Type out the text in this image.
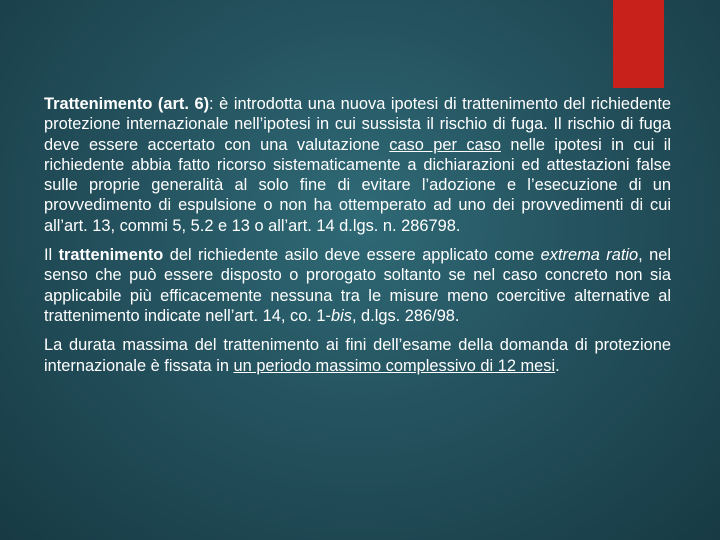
Trattenimento (art. 6): è introdotta una nuova ipotesi di trattenimento del richiedente protezione internazionale nell’ipotesi in cui sussista il rischio di fuga. Il rischio di fuga deve essere accertato con una valutazione caso per caso nelle ipotesi in cui il richiedente abbia fatto ricorso sistematicamente a dichiarazioni ed attestazioni false sulle proprie generalità al solo fine di evitare l’adozione e l’esecuzione di un provvedimento di espulsione o non ha ottemperato ad uno dei provvedimenti di cui all’art. 13, commi 5, 5.2 e 13 o all’art. 14 d.lgs. n. 286798.

Il trattenimento del richiedente asilo deve essere applicato come extrema ratio, nel senso che può essere disposto o prorogato soltanto se nel caso concreto non sia applicabile più efficacemente nessuna tra le misure meno coercitive alternative al trattenimento indicate nell’art. 14, co. 1-bis, d.lgs. 286/98.

La durata massima del trattenimento ai fini dell’esame della domanda di protezione internazionale è fissata in un periodo massimo complessivo di 12 mesi.
